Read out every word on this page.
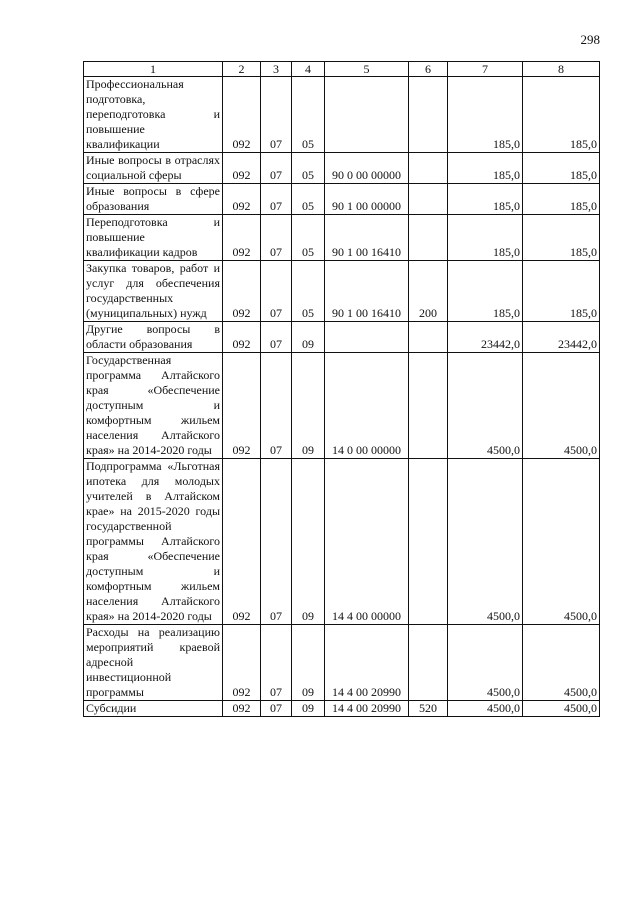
298
1	2	3	4	5	6	7	8

Профессиональная подготовка, переподготовка и повышение квалификации	092	07	05			185,0	185,0

Иные вопросы в отраслях социальной сферы	092	07	05	90 0 00 00000		185,0	185,0

Иные вопросы в сфере образования	092	07	05	90 1 00 00000		185,0	185,0

Переподготовка и повышение квалификации кадров	092	07	05	90 1 00 16410		185,0	185,0

Закупка товаров, работ и услуг для обеспечения государственных (муниципальных) нужд	092	07	05	90 1 00 16410	200	185,0	185,0

Другие вопросы в области образования	092	07	09			23442,0	23442,0

Государственная программа Алтайского края «Обеспечение доступным и комфортным жильем населения Алтайского края» на 2014-2020 годы	092	07	09	14 0 00 00000		4500,0	4500,0

Подпрограмма «Льготная ипотека для молодых учителей в Алтайском крае» на 2015-2020 годы государственной программы Алтайского края «Обеспечение доступным и комфортным жильем населения Алтайского края» на 2014-2020 годы	092	07	09	14 4 00 00000		4500,0	4500,0

Расходы на реализацию мероприятий краевой адресной инвестиционной программы	092	07	09	14 4 00 20990		4500,0	4500,0

Субсидии	092	07	09	14 4 00 20990	520	4500,0	4500,0
